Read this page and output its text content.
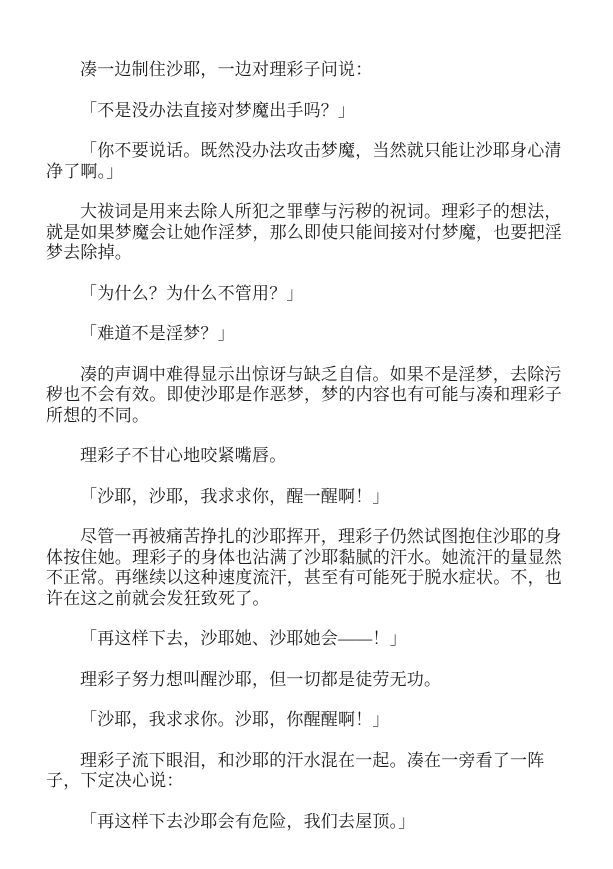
凑一边制住沙耶，一边对理彩子问说：

「不是没办法直接对梦魔出手吗？」

「你不要说话。既然没办法攻击梦魔，当然就只能让沙耶身心清净了啊。」

大祓词是用来去除人所犯之罪孽与污秽的祝词。理彩子的想法，就是如果梦魔会让她作淫梦，那么即使只能间接对付梦魔，也要把淫梦去除掉。

「为什么？为什么不管用？」

「难道不是淫梦？」

凑的声调中难得显示出惊讶与缺乏自信。如果不是淫梦，去除污秽也不会有效。即使沙耶是作恶梦，梦的内容也有可能与凑和理彩子所想的不同。

理彩子不甘心地咬紧嘴唇。

「沙耶，沙耶，我求求你，醒一醒啊！」

尽管一再被痛苦挣扎的沙耶挥开，理彩子仍然试图抱住沙耶的身体按住她。理彩子的身体也沾满了沙耶黏腻的汗水。她流汗的量显然不正常。再继续以这种速度流汗，甚至有可能死于脱水症状。不，也许在这之前就会发狂致死了。

「再这样下去，沙耶她、沙耶她会——！」

理彩子努力想叫醒沙耶，但一切都是徒劳无功。

「沙耶，我求求你。沙耶，你醒醒啊！」

理彩子流下眼泪，和沙耶的汗水混在一起。凑在一旁看了一阵子，下定决心说：

「再这样下去沙耶会有危险，我们去屋顶。」
